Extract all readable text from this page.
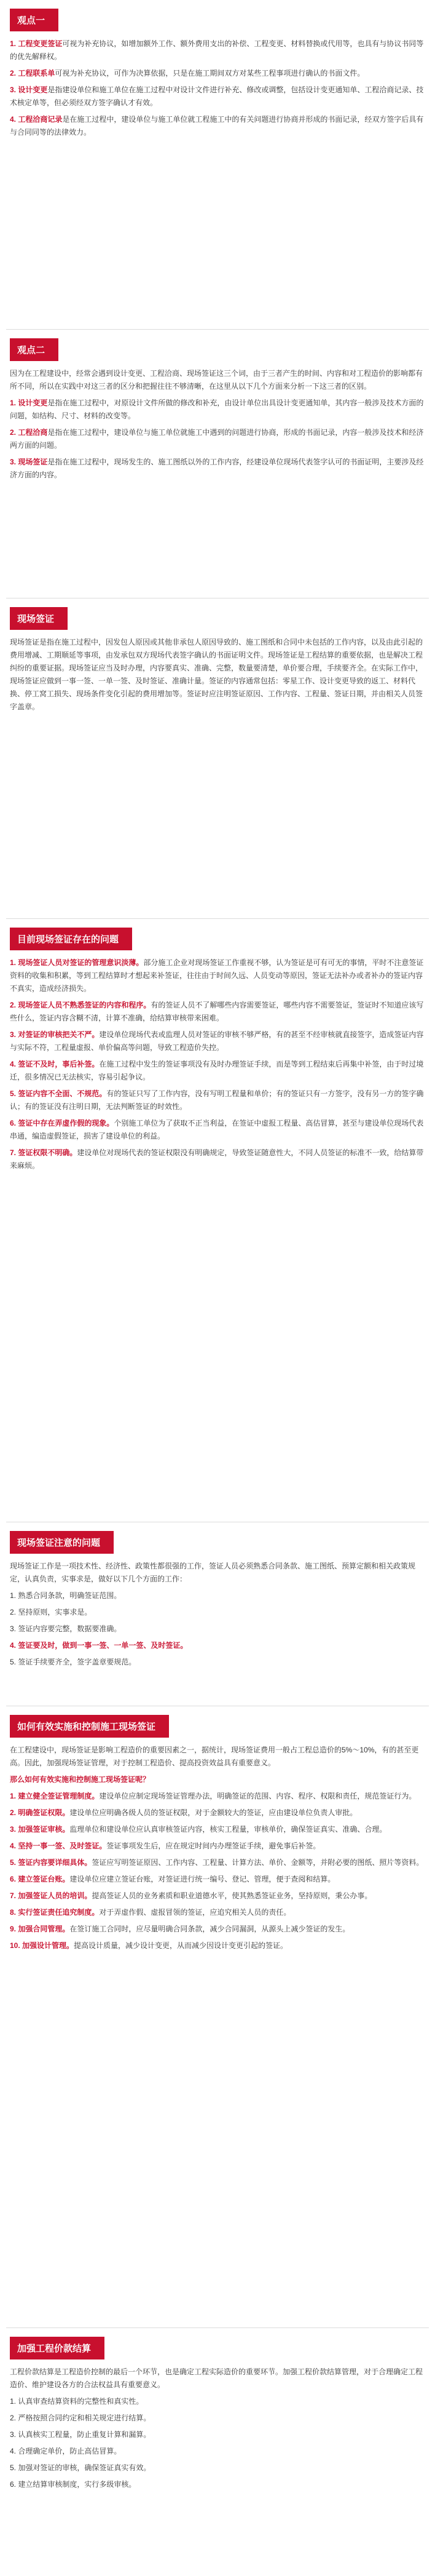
观点一

1. 工程变更签证可视为补充协议，如增加额外工作、额外费用支出的补偿、工程变更、材料替换或代用等，也具有与协议书同等的优先解释权。

2. 工程联系单可视为补充协议，可作为决算依据，只是在施工期间双方对某些工程事项进行确认的书面文件。

3. 设计变更是指建设单位和施工单位在施工过程中对设计文件进行补充、修改或调整，包括设计变更通知单、工程洽商记录、技术核定单等，但必须经双方签字确认才有效。

4. 工程洽商记录是在施工过程中，建设单位与施工单位就工程施工中的有关问题进行协商并形成的书面记录，经双方签字后具有与合同同等的法律效力。

观点二

因为在工程建设中，经常会遇到设计变更、工程洽商、现场签证这三个词，由于三者产生的时间、内容和对工程造价的影响都有所不同，所以在实践中对这三者的区分和把握往往不够清晰，在这里从以下几个方面来分析一下这三者的区别。

1. 设计变更是指在施工过程中，对原设计文件所做的修改和补充，由设计单位出具设计变更通知单，其内容一般涉及技术方面的问题，如结构、尺寸、材料的改变等。

2. 工程洽商是指在施工过程中，建设单位与施工单位就施工中遇到的问题进行协商，形成的书面记录，内容一般涉及技术和经济两方面的问题。

3. 现场签证是指在施工过程中，现场发生的、施工图纸以外的工作内容，经建设单位现场代表签字认可的书面证明，主要涉及经济方面的内容。

现场签证

现场签证是指在施工过程中，因发包人原因或其他非承包人原因导致的、施工图纸和合同中未包括的工作内容，以及由此引起的费用增减、工期顺延等事项，由发承包双方现场代表签字确认的书面证明文件。现场签证是工程结算的重要依据，也是解决工程纠纷的重要证据。现场签证应当及时办理，内容要真实、准确、完整，数量要清楚，单价要合理，手续要齐全。在实际工作中，现场签证应做到一事一签、一单一签、及时签证、准确计量。签证的内容通常包括：零星工作、设计变更导致的返工、材料代换、停工窝工损失、现场条件变化引起的费用增加等。签证时应注明签证原因、工作内容、工程量、签证日期，并由相关人员签字盖章。

目前现场签证存在的问题

1. 现场签证人员对签证的管理意识淡薄。部分施工企业对现场签证工作重视不够，认为签证是可有可无的事情，平时不注意签证资料的收集和积累，等到工程结算时才想起来补签证，往往由于时间久远、人员变动等原因，签证无法补办或者补办的签证内容不真实，造成经济损失。

2. 现场签证人员不熟悉签证的内容和程序。有的签证人员不了解哪些内容需要签证，哪些内容不需要签证，签证时不知道应该写些什么，签证内容含糊不清，计算不准确，给结算审核带来困难。

3. 对签证的审核把关不严。建设单位现场代表或监理人员对签证的审核不够严格，有的甚至不经审核就直接签字，造成签证内容与实际不符，工程量虚报、单价偏高等问题，导致工程造价失控。

4. 签证不及时，事后补签。在施工过程中发生的签证事项没有及时办理签证手续，而是等到工程结束后再集中补签，由于时过境迁，很多情况已无法核实，容易引起争议。

5. 签证内容不全面、不规范。有的签证只写了工作内容，没有写明工程量和单价；有的签证只有一方签字，没有另一方的签字确认；有的签证没有注明日期，无法判断签证的时效性。

6. 签证中存在弄虚作假的现象。个别施工单位为了获取不正当利益，在签证中虚报工程量、高估冒算，甚至与建设单位现场代表串通，编造虚假签证，损害了建设单位的利益。

7. 签证权限不明确。建设单位对现场代表的签证权限没有明确规定，导致签证随意性大，不同人员签证的标准不一致，给结算带来麻烦。

现场签证注意的问题

现场签证工作是一项技术性、经济性、政策性都很强的工作，签证人员必须熟悉合同条款、施工图纸、预算定额和相关政策规定，认真负责，实事求是，做好以下几个方面的工作：

1. 熟悉合同条款，明确签证范围。

2. 坚持原则，实事求是。

3. 签证内容要完整，数据要准确。

4. 签证要及时，做到一事一签、一单一签、及时签证。

5. 签证手续要齐全，签字盖章要规范。

如何有效实施和控制施工现场签证

在工程建设中，现场签证是影响工程造价的重要因素之一，据统计，现场签证费用一般占工程总造价的5%～10%，有的甚至更高。因此，加强现场签证管理，对于控制工程造价、提高投资效益具有重要意义。

那么如何有效实施和控制施工现场签证呢？

1. 建立健全签证管理制度。建设单位应制定现场签证管理办法，明确签证的范围、内容、程序、权限和责任，规范签证行为。

2. 明确签证权限。建设单位应明确各级人员的签证权限，对于金额较大的签证，应由建设单位负责人审批。

3. 加强签证审核。监理单位和建设单位应认真审核签证内容，核实工程量，审核单价，确保签证真实、准确、合理。

4. 坚持一事一签、及时签证。签证事项发生后，应在规定时间内办理签证手续，避免事后补签。

5. 签证内容要详细具体。签证应写明签证原因、工作内容、工程量、计算方法、单价、金额等，并附必要的图纸、照片等资料。

6. 建立签证台账。建设单位应建立签证台账，对签证进行统一编号、登记、管理，便于查阅和结算。

7. 加强签证人员的培训。提高签证人员的业务素质和职业道德水平，使其熟悉签证业务，坚持原则，秉公办事。

8. 实行签证责任追究制度。对于弄虚作假、虚报冒领的签证，应追究相关人员的责任。

9. 加强合同管理。在签订施工合同时，应尽量明确合同条款，减少合同漏洞，从源头上减少签证的发生。

10. 加强设计管理。提高设计质量，减少设计变更，从而减少因设计变更引起的签证。

加强工程价款结算

工程价款结算是工程造价控制的最后一个环节，也是确定工程实际造价的重要环节。加强工程价款结算管理，对于合理确定工程造价、维护建设各方的合法权益具有重要意义。

1. 认真审查结算资料的完整性和真实性。

2. 严格按照合同约定和相关规定进行结算。

3. 认真核实工程量，防止重复计算和漏算。

4. 合理确定单价，防止高估冒算。

5. 加强对签证的审核，确保签证真实有效。

6. 建立结算审核制度，实行多级审核。
